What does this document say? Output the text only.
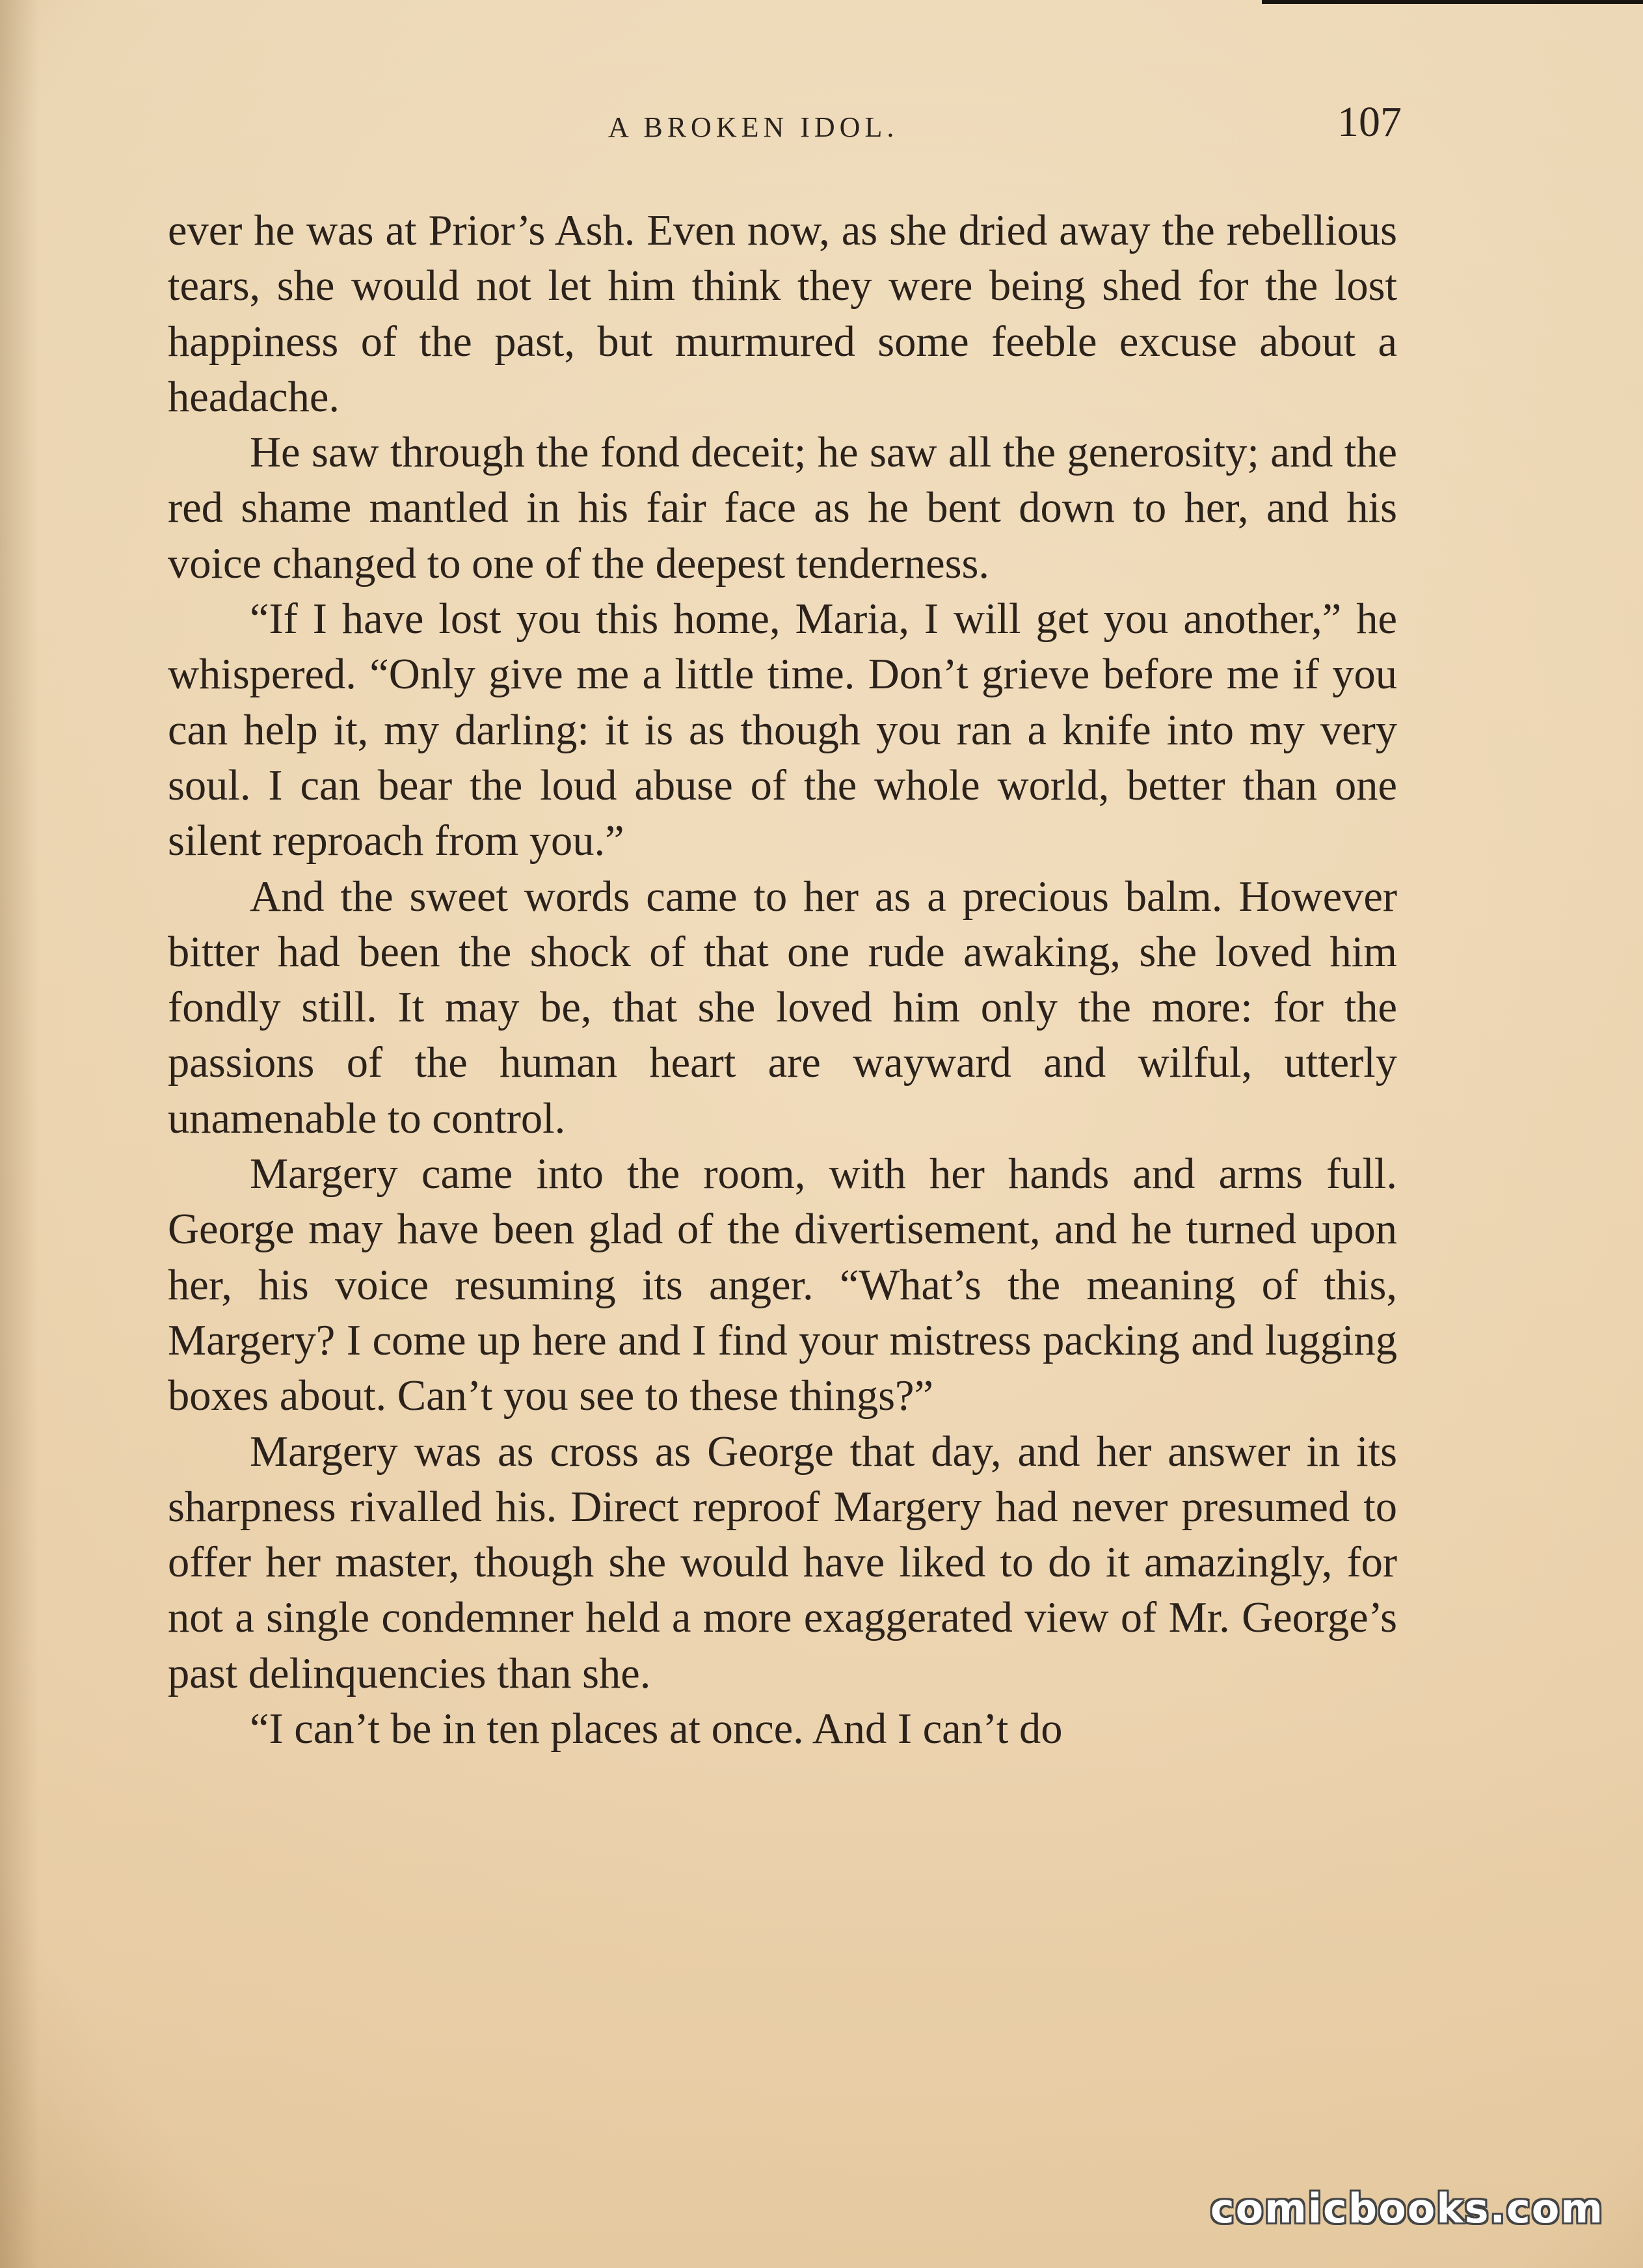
A BROKEN IDOL.	107

ever he was at Prior’s Ash. Even now, as she dried away the rebellious tears, she would not let him think they were being shed for the lost happiness of the past, but murmured some feeble excuse about a headache.

He saw through the fond deceit; he saw all the generosity; and the red shame mantled in his fair face as he bent down to her, and his voice changed to one of the deepest tenderness.

“If I have lost you this home, Maria, I will get you another,” he whispered. “Only give me a little time. Don’t grieve before me if you can help it, my darling: it is as though you ran a knife into my very soul. I can bear the loud abuse of the whole world, better than one silent reproach from you.”

And the sweet words came to her as a precious balm. However bitter had been the shock of that one rude awaking, she loved him fondly still. It may be, that she loved him only the more: for the passions of the human heart are wayward and wilful, utterly unamenable to control.

Margery came into the room, with her hands and arms full. George may have been glad of the divertisement, and he turned upon her, his voice resuming its anger. “What’s the meaning of this, Margery? I come up here and I find your mistress packing and lugging boxes about. Can’t you see to these things?”

Margery was as cross as George that day, and her answer in its sharpness rivalled his. Direct reproof Margery had never presumed to offer her master, though she would have liked to do it amazingly, for not a single condemner held a more exaggerated view of Mr. George’s past delinquencies than she.

“I can’t be in ten places at once. And I can’t do

comicbooks.com
